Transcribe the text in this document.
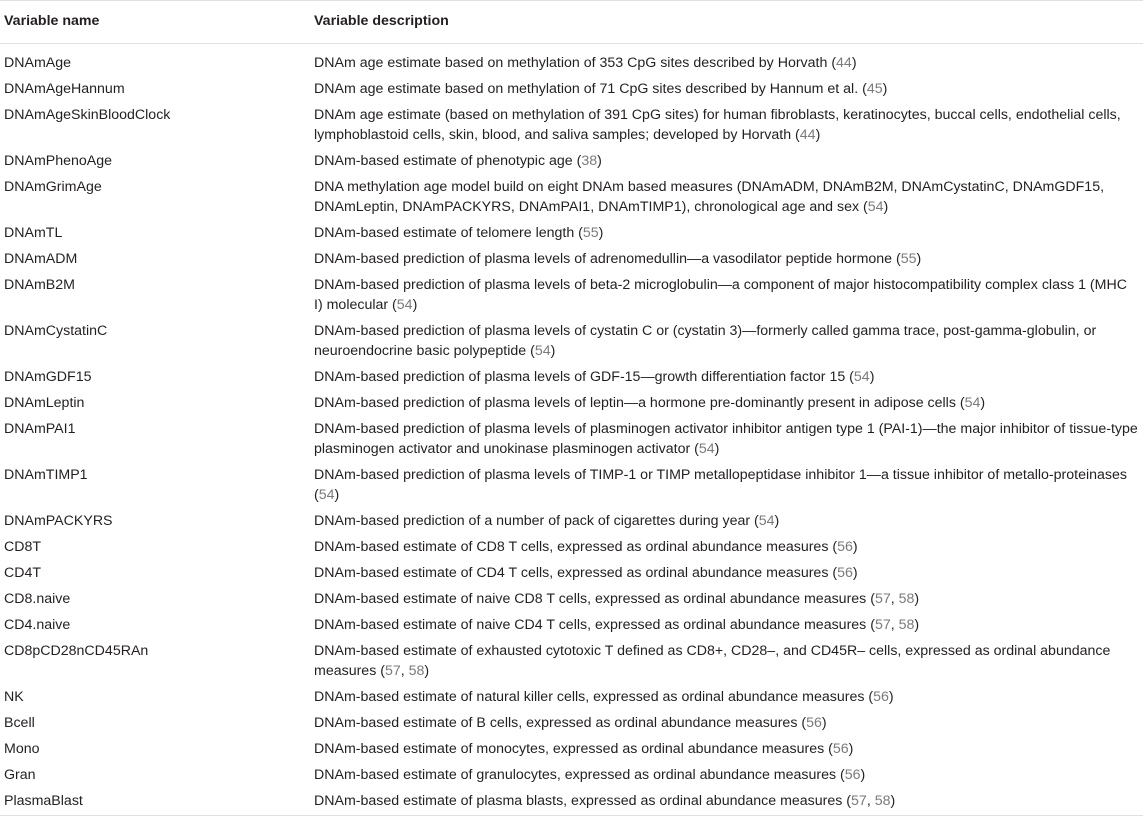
Variable name	Variable description
DNAmAge	DNAm age estimate based on methylation of 353 CpG sites described by Horvath (44)
DNAmAgeHannum	DNAm age estimate based on methylation of 71 CpG sites described by Hannum et al. (45)
DNAmAgeSkinBloodClock	DNAm age estimate (based on methylation of 391 CpG sites) for human fibroblasts, keratinocytes, buccal cells, endothelial cells, lymphoblastoid cells, skin, blood, and saliva samples; developed by Horvath (44)
DNAmPhenoAge	DNAm-based estimate of phenotypic age (38)
DNAmGrimAge	DNA methylation age model build on eight DNAm based measures (DNAmADM, DNAmB2M, DNAmCystatinC, DNAmGDF15, DNAmLeptin, DNAmPACKYRS, DNAmPAI1, DNAmTIMP1), chronological age and sex (54)
DNAmTL	DNAm-based estimate of telomere length (55)
DNAmADM	DNAm-based prediction of plasma levels of adrenomedullin—a vasodilator peptide hormone (55)
DNAmB2M	DNAm-based prediction of plasma levels of beta-2 microglobulin—a component of major histocompatibility complex class 1 (MHC I) molecular (54)
DNAmCystatinC	DNAm-based prediction of plasma levels of cystatin C or (cystatin 3)—formerly called gamma trace, post-gamma-globulin, or neuroendocrine basic polypeptide (54)
DNAmGDF15	DNAm-based prediction of plasma levels of GDF-15—growth differentiation factor 15 (54)
DNAmLeptin	DNAm-based prediction of plasma levels of leptin—a hormone pre-dominantly present in adipose cells (54)
DNAmPAI1	DNAm-based prediction of plasma levels of plasminogen activator inhibitor antigen type 1 (PAI-1)—the major inhibitor of tissue-type plasminogen activator and unokinase plasminogen activator (54)
DNAmTIMP1	DNAm-based prediction of plasma levels of TIMP-1 or TIMP metallopeptidase inhibitor 1—a tissue inhibitor of metallo-proteinases (54)
DNAmPACKYRS	DNAm-based prediction of a number of pack of cigarettes during year (54)
CD8T	DNAm-based estimate of CD8 T cells, expressed as ordinal abundance measures (56)
CD4T	DNAm-based estimate of CD4 T cells, expressed as ordinal abundance measures (56)
CD8.naive	DNAm-based estimate of naive CD8 T cells, expressed as ordinal abundance measures (57, 58)
CD4.naive	DNAm-based estimate of naive CD4 T cells, expressed as ordinal abundance measures (57, 58)
CD8pCD28nCD45RAn	DNAm-based estimate of exhausted cytotoxic T defined as CD8+, CD28–, and CD45R– cells, expressed as ordinal abundance measures (57, 58)
NK	DNAm-based estimate of natural killer cells, expressed as ordinal abundance measures (56)
Bcell	DNAm-based estimate of B cells, expressed as ordinal abundance measures (56)
Mono	DNAm-based estimate of monocytes, expressed as ordinal abundance measures (56)
Gran	DNAm-based estimate of granulocytes, expressed as ordinal abundance measures (56)
PlasmaBlast	DNAm-based estimate of plasma blasts, expressed as ordinal abundance measures (57, 58)
